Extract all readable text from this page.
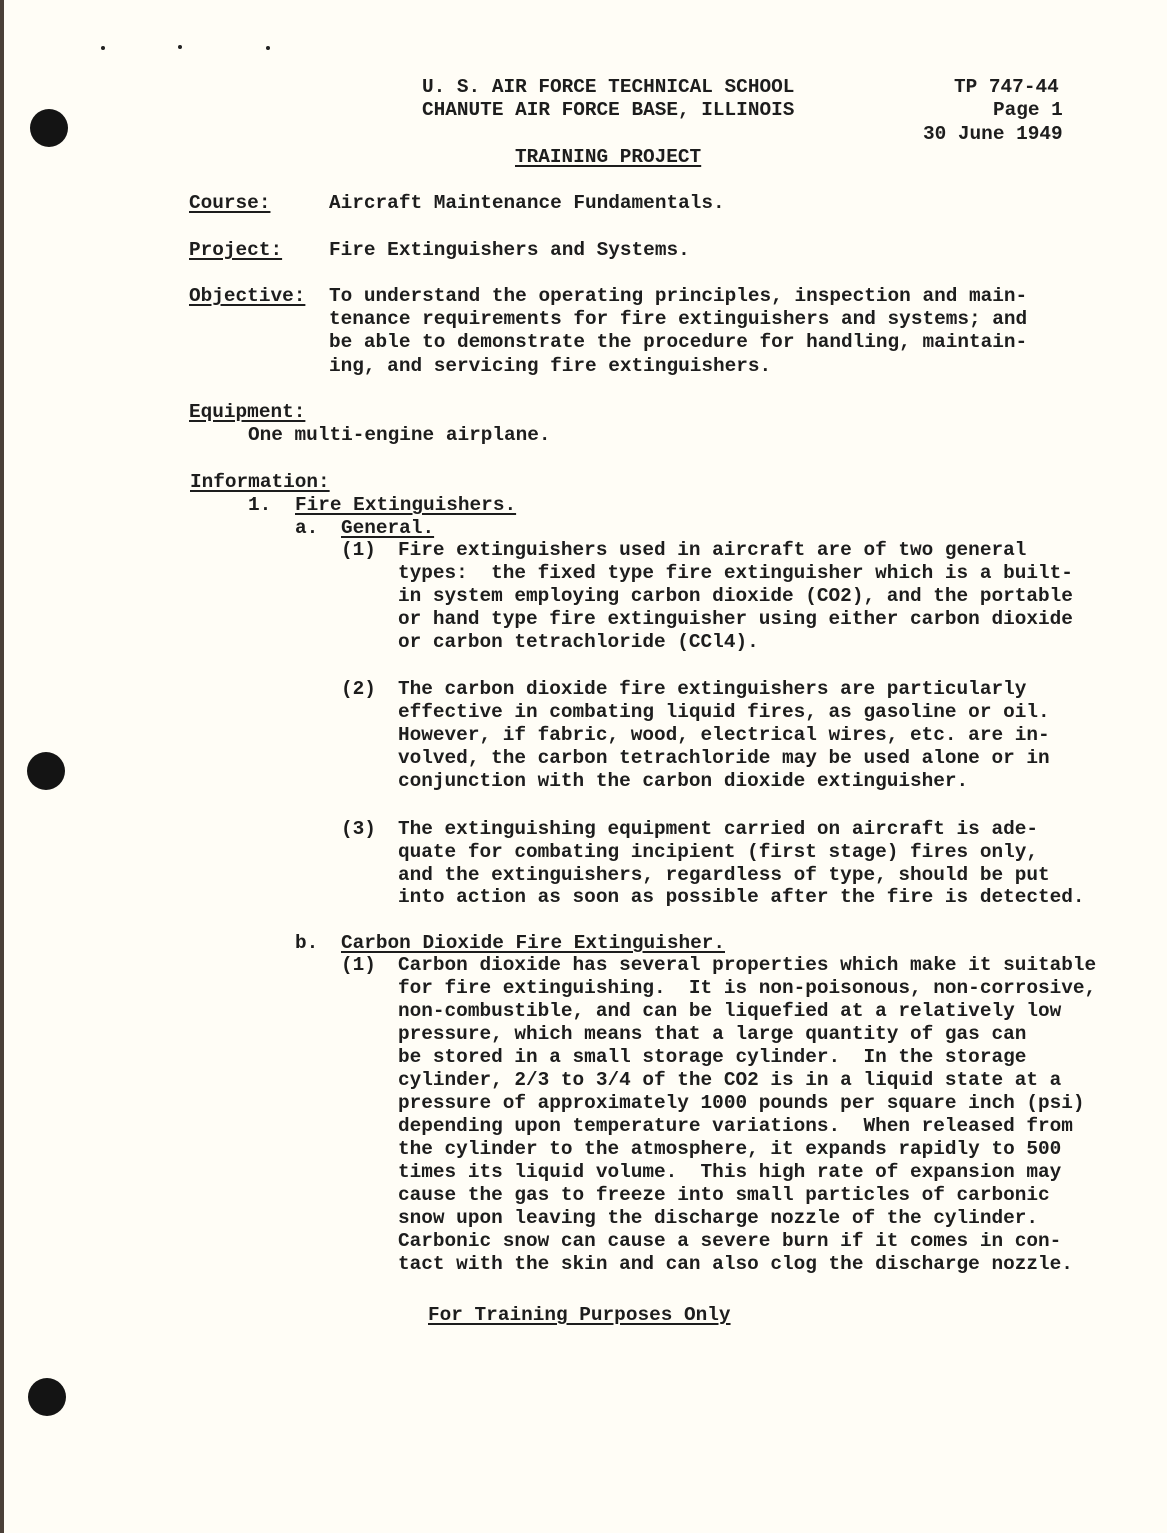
U. S. AIR FORCE TECHNICAL SCHOOL
CHANUTE AIR FORCE BASE, ILLINOIS
TP 747-44
Page 1
30 June 1949
TRAINING PROJECT
Course:	Aircraft Maintenance Fundamentals.
Project: Fire Extinguishers and Systems.
Objective: To understand the operating principles, inspection and main-
tenance requirements for fire extinguishers and systems; and
be able to demonstrate the procedure for handling, maintain-
ing, and servicing fire extinguishers.
Equipment:
One multi-engine airplane.
Information:
1. Fire Extinguishers.
a. General.
(1) Fire extinguishers used in aircraft are of two general
types:  the fixed type fire extinguisher which is a built-
in system employing carbon dioxide (CO2), and the portable
or hand type fire extinguisher using either carbon dioxide
or carbon tetrachloride (CCl4).
(2) The carbon dioxide fire extinguishers are particularly
effective in combating liquid fires, as gasoline or oil.
However, if fabric, wood, electrical wires, etc. are in-
volved, the carbon tetrachloride may be used alone or in
conjunction with the carbon dioxide extinguisher.
(3) The extinguishing equipment carried on aircraft is ade-
quate for combating incipient (first stage) fires only,
and the extinguishers, regardless of type, should be put
into action as soon as possible after the fire is detected.
b. Carbon Dioxide Fire Extinguisher.
(1) Carbon dioxide has several properties which make it suitable
for fire extinguishing.  It is non-poisonous, non-corrosive,
non-combustible, and can be liquefied at a relatively low
pressure, which means that a large quantity of gas can
be stored in a small storage cylinder.  In the storage
cylinder, 2/3 to 3/4 of the CO2 is in a liquid state at a
pressure of approximately 1000 pounds per square inch (psi)
depending upon temperature variations.  When released from
the cylinder to the atmosphere, it expands rapidly to 500
times its liquid volume.  This high rate of expansion may
cause the gas to freeze into small particles of carbonic
snow upon leaving the discharge nozzle of the cylinder.
Carbonic snow can cause a severe burn if it comes in con-
tact with the skin and can also clog the discharge nozzle.
For Training Purposes Only
